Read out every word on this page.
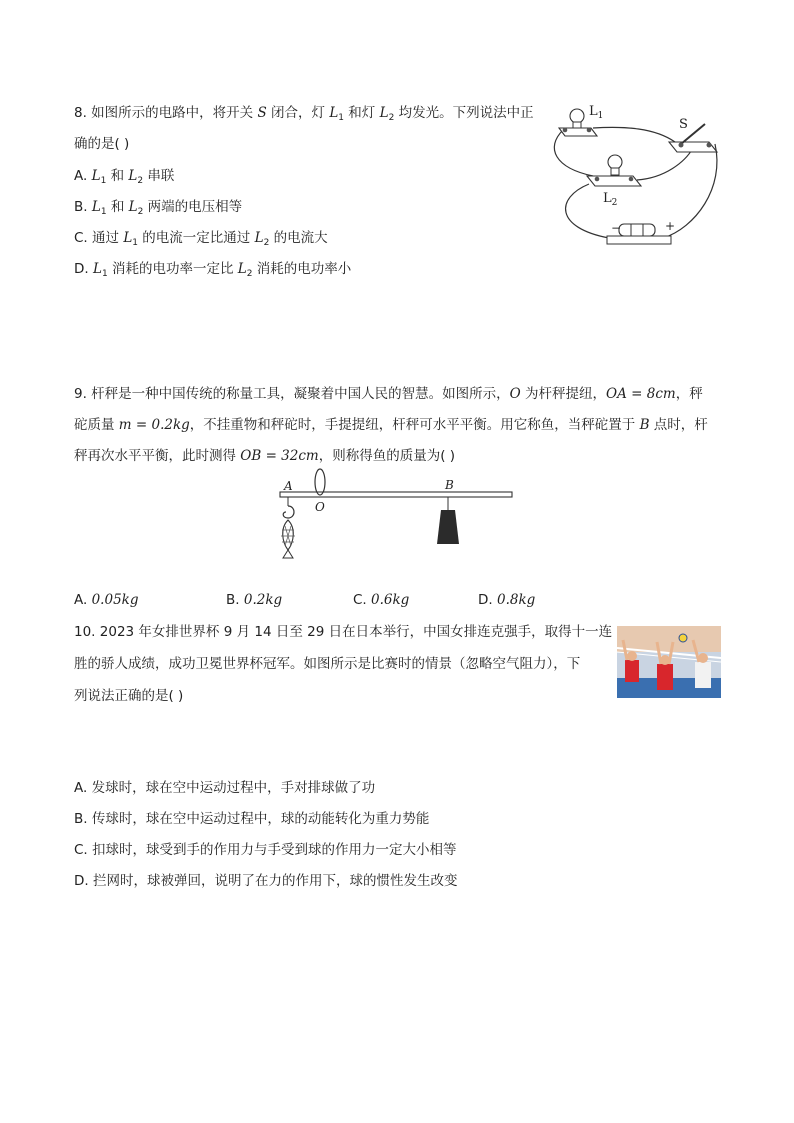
8. 如图所示的电路中，将开关 S 闭合，灯 $L_1$ 和灯 $L_2$ 均发光。下列说法中正
确的是( )
A. $L_1$ 和 $L_2$ 串联
B. $L_1$ 和 $L_2$ 两端的电压相等
C. 通过 $L_1$ 的电流一定比通过 $L_2$ 的电流大
D. $L_1$ 消耗的电功率一定比 $L_2$ 消耗的电功率小
$L_1$
$L_2$
S
−	+
9. 杆秤是一种中国传统的称量工具，凝聚着中国人民的智慧。如图所示，O 为杆秤提纽，OA = 8cm，秤
砣质量 m = 0.2kg，不挂重物和秤砣时，手提提纽，杆秤可水平平衡。用它称鱼，当秤砣置于 B 点时，杆
秤再次水平平衡，此时测得 OB = 32cm，则称得鱼的质量为( )
A
O
B
A. 0.05kg	B. 0.2kg	C. 0.6kg	D. 0.8kg
10. 2023 年女排世界杯 9 月 14 日至 29 日在日本举行，中国女排连克强手，取得十一连
胜的骄人成绩，成功卫冕世界杯冠军。如图所示是比赛时的情景（忽略空气阻力），下
列说法正确的是( )
A. 发球时，球在空中运动过程中，手对排球做了功
B. 传球时，球在空中运动过程中，球的动能转化为重力势能
C. 扣球时，球受到手的作用力与手受到球的作用力一定大小相等
D. 拦网时，球被弹回，说明了在力的作用下，球的惯性发生改变
